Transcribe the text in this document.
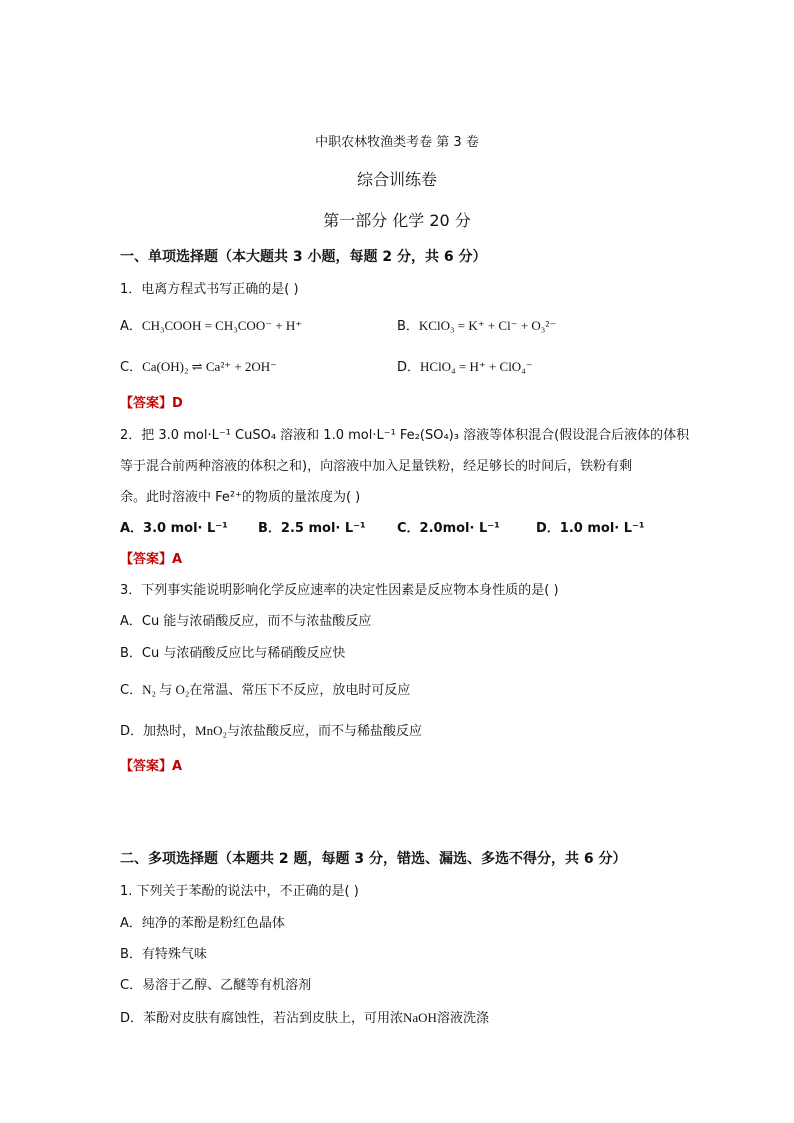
中职农林牧渔类考卷 第 3 卷
综合训练卷
第一部分 化学 20 分
一、单项选择题（本大题共 3 小题，每题 2 分，共 6 分）
1．电离方程式书写正确的是( )
A．CH₃COOH = CH₃COO⁻ + H⁺	B．KClO₃ = K⁺ + Cl⁻ + O₃²⁻
C．Ca(OH)₂ ⇌ Ca²⁺ + 2OH⁻	D．HClO₄ = H⁺ + ClO₄⁻
【答案】D
2．把 3.0 mol·L⁻¹ CuSO₄ 溶液和 1.0 mol·L⁻¹ Fe₂(SO₄)₃ 溶液等体积混合(假设混合后液体的体积
等于混合前两种溶液的体积之和)，向溶液中加入足量铁粉，经足够长的时间后，铁粉有剩
余。此时溶液中 Fe²⁺的物质的量浓度为( )
A．3.0 mol· L⁻¹ B．2.5 mol· L⁻¹ C．2.0mol· L⁻¹	D．1.0 mol· L⁻¹
【答案】A
3．下列事实能说明影响化学反应速率的决定性因素是反应物本身性质的是( )
A．Cu 能与浓硝酸反应，而不与浓盐酸反应
B．Cu 与浓硝酸反应比与稀硝酸反应快
C．N₂ 与 O₂在常温、常压下不反应，放电时可反应
D．加热时，MnO₂与浓盐酸反应，而不与稀盐酸反应
【答案】A
二、多项选择题（本题共 2 题，每题 3 分，错选、漏选、多选不得分，共 6 分）
1. 下列关于苯酚的说法中，不正确的是( )
A．纯净的苯酚是粉红色晶体
B．有特殊气味
C．易溶于乙醇、乙醚等有机溶剂
D．苯酚对皮肤有腐蚀性，若沾到皮肤上，可用浓NaOH溶液洗涤
